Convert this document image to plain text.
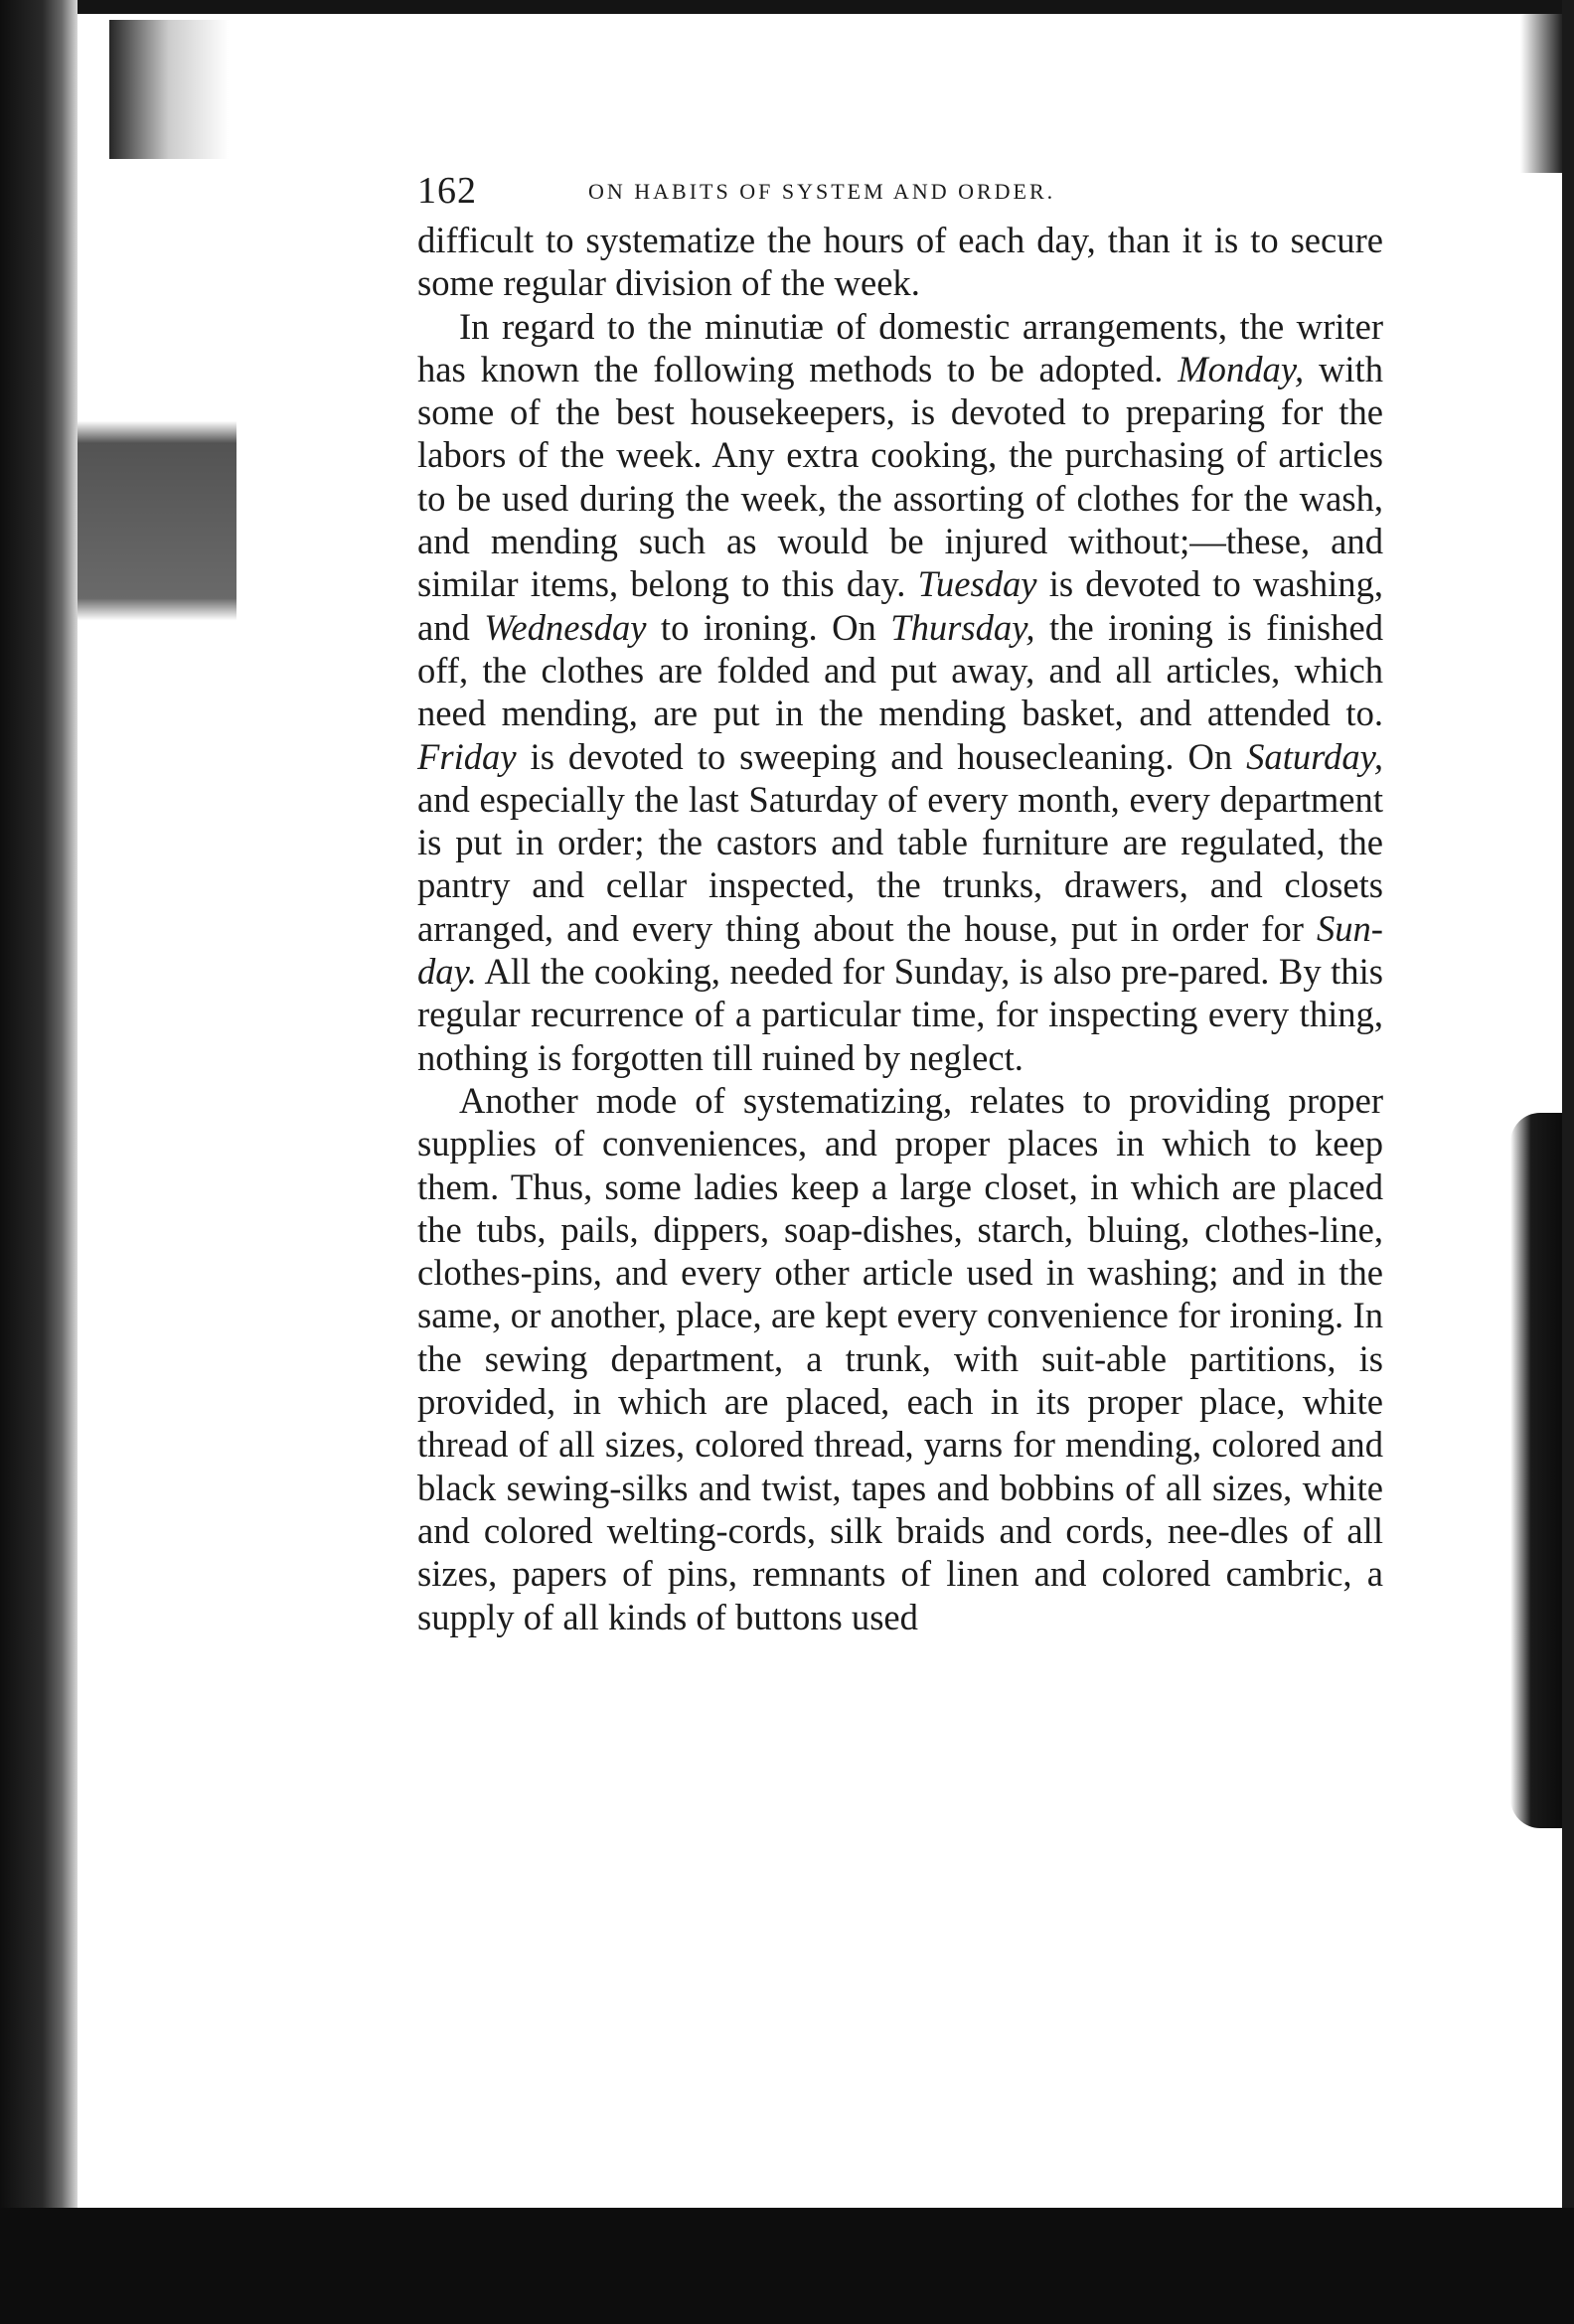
162	ON HABITS OF SYSTEM AND ORDER.

difficult to systematize the hours of each day, than it is to secure some regular division of the week.

In regard to the minutiæ of domestic arrangements, the writer has known the following methods to be adopted. Monday, with some of the best housekeepers, is devoted to preparing for the labors of the week. Any extra cooking, the purchasing of articles to be used during the week, the assorting of clothes for the wash, and mending such as would be injured without;—these, and similar items, belong to this day. Tuesday is devoted to washing, and Wednesday to ironing. On Thursday, the ironing is finished off, the clothes are folded and put away, and all articles, which need mending, are put in the mending basket, and attended to. Friday is devoted to sweeping and housecleaning. On Saturday, and especially the last Saturday of every month, every department is put in order; the castors and table furniture are regulated, the pantry and cellar inspected, the trunks, drawers, and closets arranged, and every thing about the house, put in order for Sun-day. All the cooking, needed for Sunday, is also pre-pared. By this regular recurrence of a particular time, for inspecting every thing, nothing is forgotten till ruined by neglect.

Another mode of systematizing, relates to providing proper supplies of conveniences, and proper places in which to keep them. Thus, some ladies keep a large closet, in which are placed the tubs, pails, dippers, soap-dishes, starch, bluing, clothes-line, clothes-pins, and every other article used in washing; and in the same, or another, place, are kept every convenience for ironing. In the sewing department, a trunk, with suit-able partitions, is provided, in which are placed, each in its proper place, white thread of all sizes, colored thread, yarns for mending, colored and black sewing-silks and twist, tapes and bobbins of all sizes, white and colored welting-cords, silk braids and cords, nee-dles of all sizes, papers of pins, remnants of linen and colored cambric, a supply of all kinds of buttons used
